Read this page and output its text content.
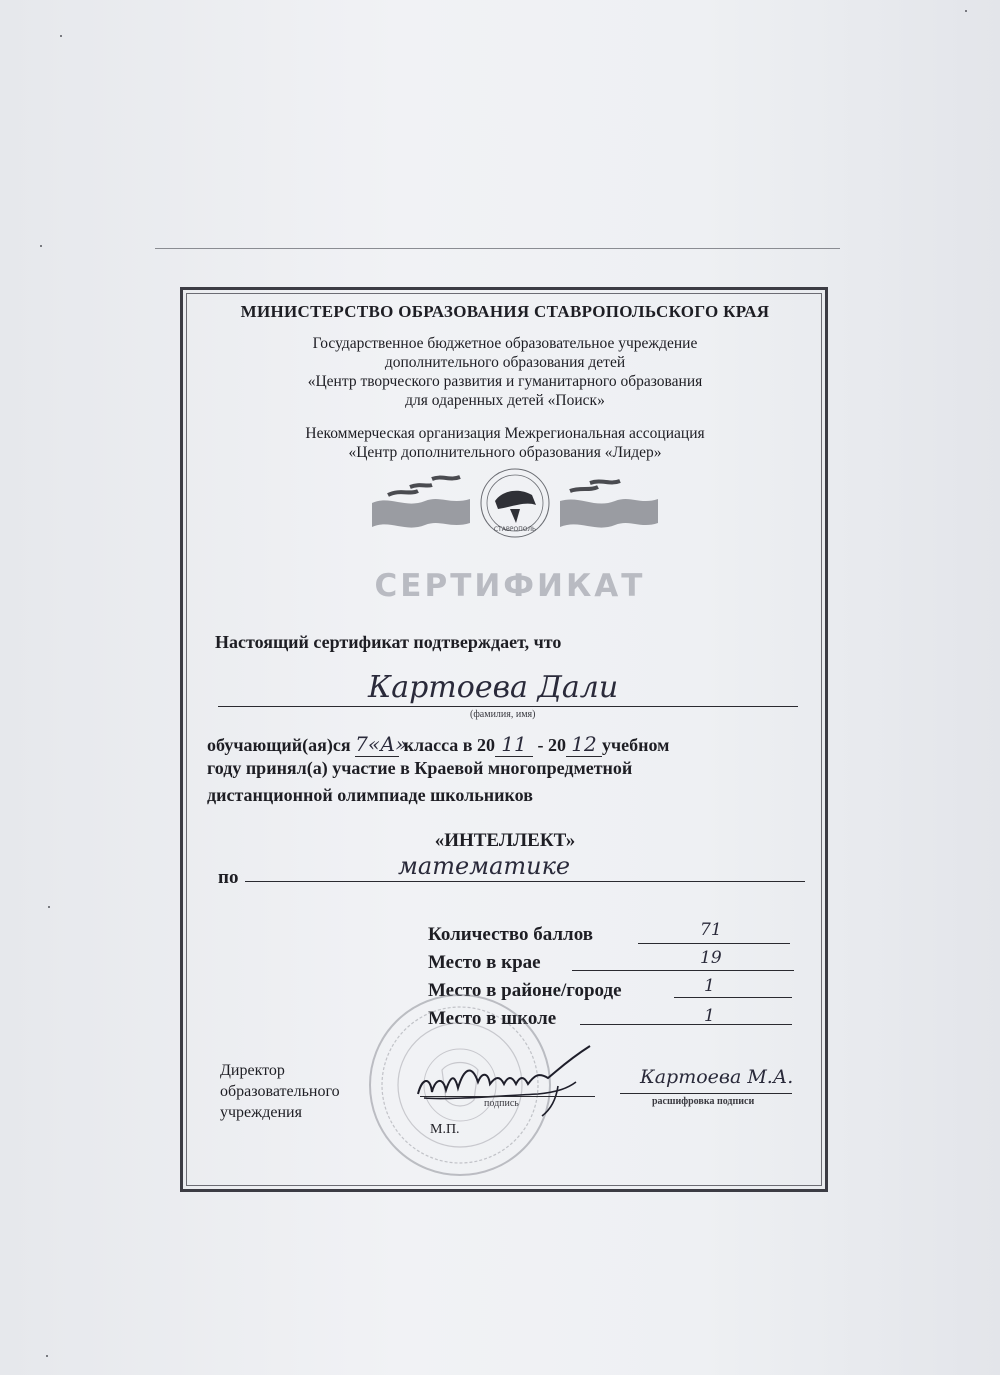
МИНИСТЕРСТВО ОБРАЗОВАНИЯ СТАВРОПОЛЬСКОГО КРАЯ
Государственное бюджетное образовательное учреждение
дополнительного образования детей
«Центр творческого развития и гуманитарного образования
для одаренных детей «Поиск»
Некоммерческая организация Межрегиональная ассоциация
«Центр дополнительного образования «Лидер»
СТАВРОПОЛЬ
СЕРТИФИКАТ
Настоящий сертификат подтверждает, что
Картоева Дали
(фамилия, имя)
обучающий(ая)ся 7«А» класса в 20 11 - 20 12 учебном
году принял(а) участие в Краевой многопредметной
дистанционной олимпиаде школьников
«ИНТЕЛЛЕКТ»
по	математике
Количество баллов	71
Место в крае	19
Место в районе/городе	1
Место в школе	1
Директор
образовательного
учреждения
подпись
Картоева М.А.
расшифровка подписи
М.П.
